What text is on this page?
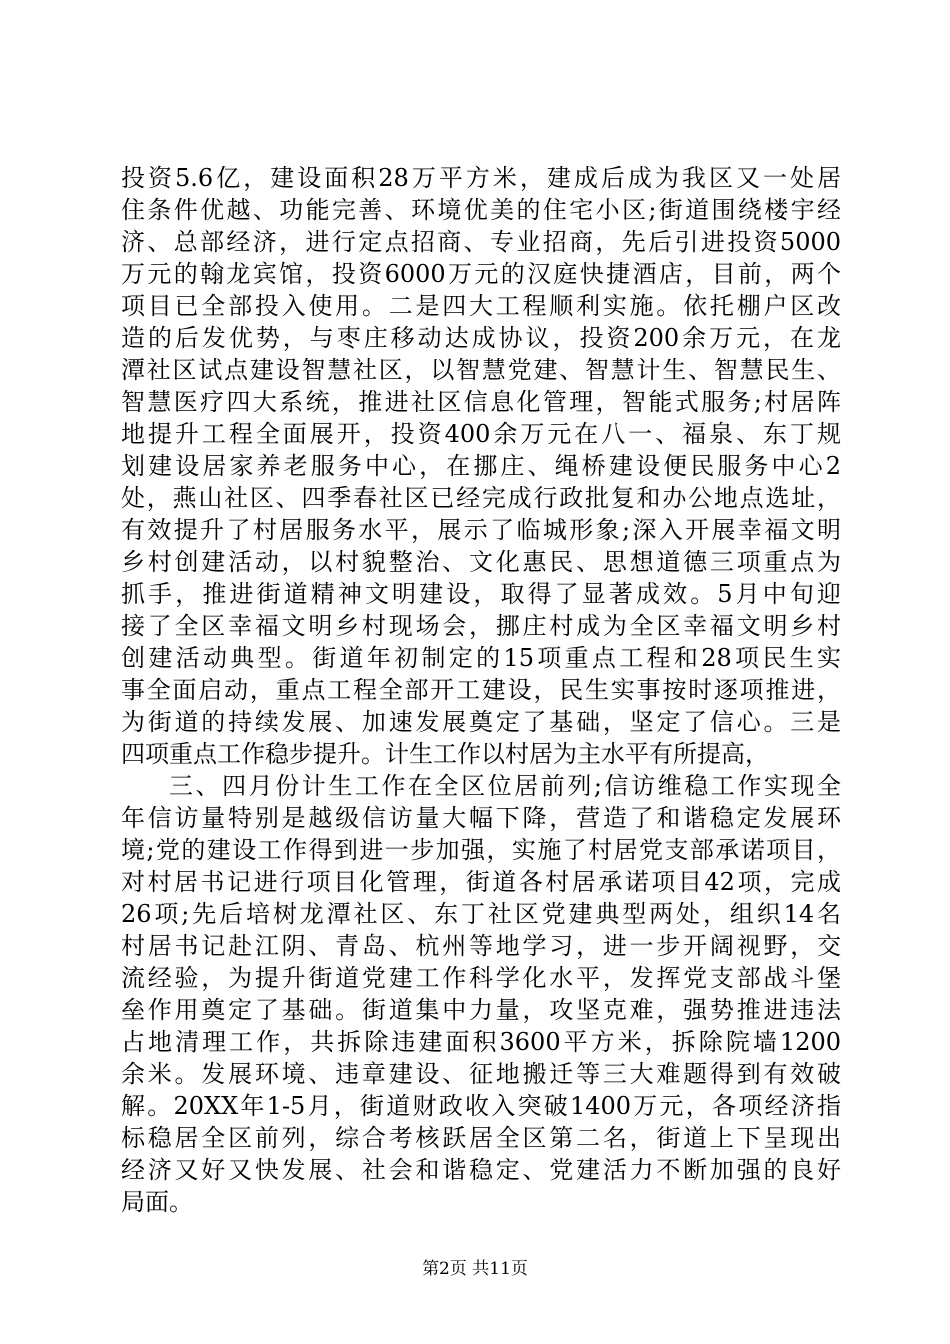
投资5.6亿，建设面积28万平方米，建成后成为我区又一处居
住条件优越、功能完善、环境优美的住宅小区;街道围绕楼宇经
济、总部经济，进行定点招商、专业招商，先后引进投资5000
万元的翰龙宾馆，投资6000万元的汉庭快捷酒店，目前，两个
项目已全部投入使用。二是四大工程顺利实施。依托棚户区改
造的后发优势，与枣庄移动达成协议，投资200余万元，在龙
潭社区试点建设智慧社区，以智慧党建、智慧计生、智慧民生、
智慧医疗四大系统，推进社区信息化管理，智能式服务;村居阵
地提升工程全面展开，投资400余万元在八一、福泉、东丁规
划建设居家养老服务中心，在挪庄、绳桥建设便民服务中心2
处，燕山社区、四季春社区已经完成行政批复和办公地点选址，
有效提升了村居服务水平，展示了临城形象;深入开展幸福文明
乡村创建活动，以村貌整治、文化惠民、思想道德三项重点为
抓手，推进街道精神文明建设，取得了显著成效。5月中旬迎
接了全区幸福文明乡村现场会，挪庄村成为全区幸福文明乡村
创建活动典型。街道年初制定的15项重点工程和28项民生实
事全面启动，重点工程全部开工建设，民生实事按时逐项推进，
为街道的持续发展、加速发展奠定了基础，坚定了信心。三是
四项重点工作稳步提升。计生工作以村居为主水平有所提高，
三、四月份计生工作在全区位居前列;信访维稳工作实现全
年信访量特别是越级信访量大幅下降，营造了和谐稳定发展环
境;党的建设工作得到进一步加强，实施了村居党支部承诺项目，
对村居书记进行项目化管理，街道各村居承诺项目42项，完成
26项;先后培树龙潭社区、东丁社区党建典型两处，组织14名
村居书记赴江阴、青岛、杭州等地学习，进一步开阔视野，交
流经验，为提升街道党建工作科学化水平，发挥党支部战斗堡
垒作用奠定了基础。街道集中力量，攻坚克难，强势推进违法
占地清理工作，共拆除违建面积3600平方米，拆除院墙1200
余米。发展环境、违章建设、征地搬迁等三大难题得到有效破
解。20XX年1-5月，街道财政收入突破1400万元，各项经济指
标稳居全区前列，综合考核跃居全区第二名，街道上下呈现出
经济又好又快发展、社会和谐稳定、党建活力不断加强的良好
局面。
第2页 共11页
